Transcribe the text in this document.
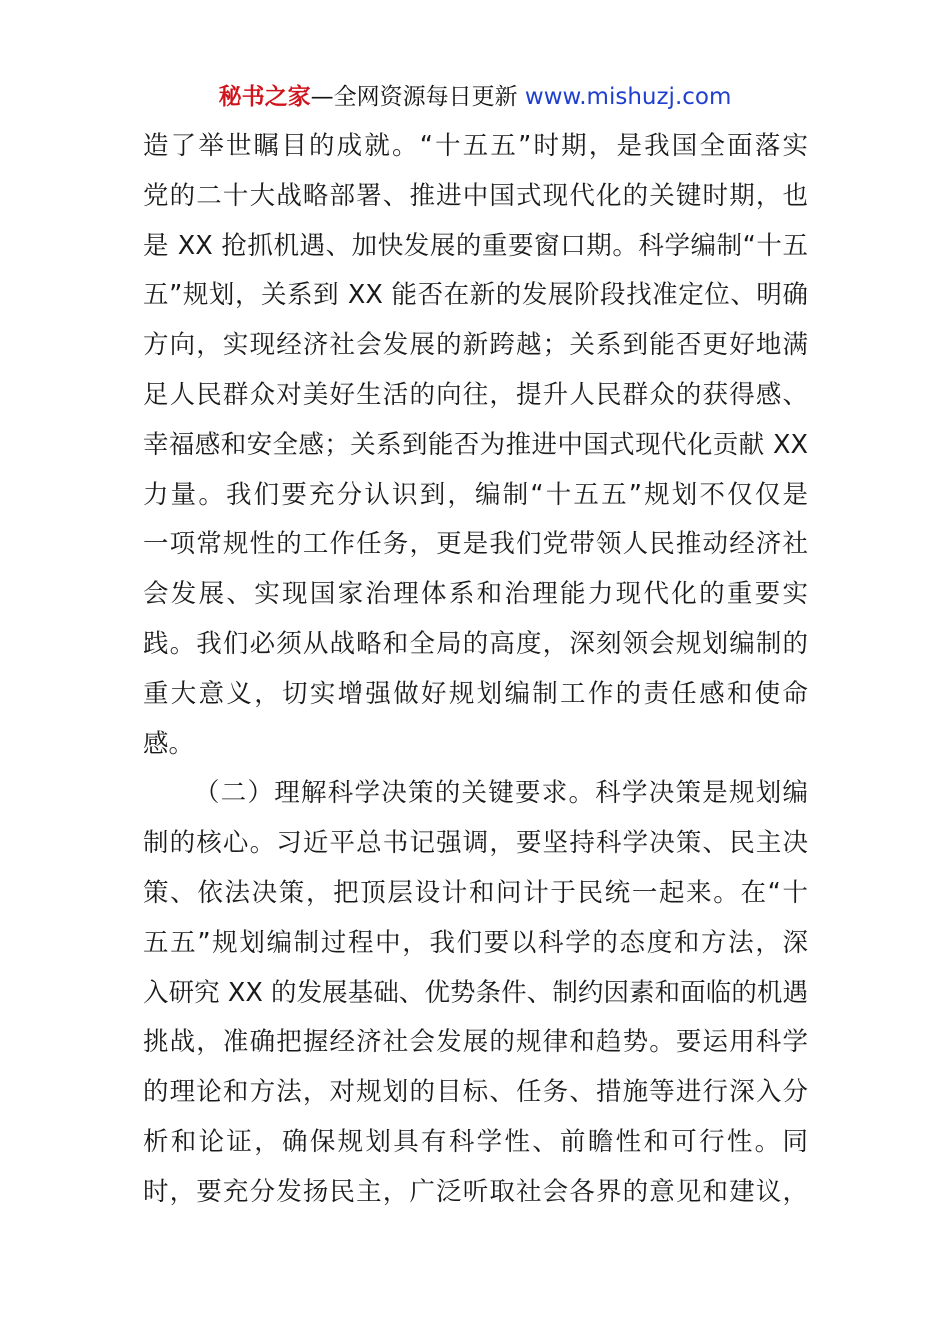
秘书之家—全网资源每日更新 www.mishuzj.com
造了举世瞩目的成就。“十五五”时期，是我国全面落实
党的二十大战略部署、推进中国式现代化的关键时期，也
是 XX 抢抓机遇、加快发展的重要窗口期。科学编制“十五
五”规划，关系到 XX 能否在新的发展阶段找准定位、明确
方向，实现经济社会发展的新跨越；关系到能否更好地满
足人民群众对美好生活的向往，提升人民群众的获得感、
幸福感和安全感；关系到能否为推进中国式现代化贡献 XX
力量。我们要充分认识到，编制“十五五”规划不仅仅是
一项常规性的工作任务，更是我们党带领人民推动经济社
会发展、实现国家治理体系和治理能力现代化的重要实
践。我们必须从战略和全局的高度，深刻领会规划编制的
重大意义，切实增强做好规划编制工作的责任感和使命
感。
（二）理解科学决策的关键要求。科学决策是规划编
制的核心。习近平总书记强调，要坚持科学决策、民主决
策、依法决策，把顶层设计和问计于民统一起来。在“十
五五”规划编制过程中，我们要以科学的态度和方法，深
入研究 XX 的发展基础、优势条件、制约因素和面临的机遇
挑战，准确把握经济社会发展的规律和趋势。要运用科学
的理论和方法，对规划的目标、任务、措施等进行深入分
析和论证，确保规划具有科学性、前瞻性和可行性。同
时，要充分发扬民主，广泛听取社会各界的意见和建议，
